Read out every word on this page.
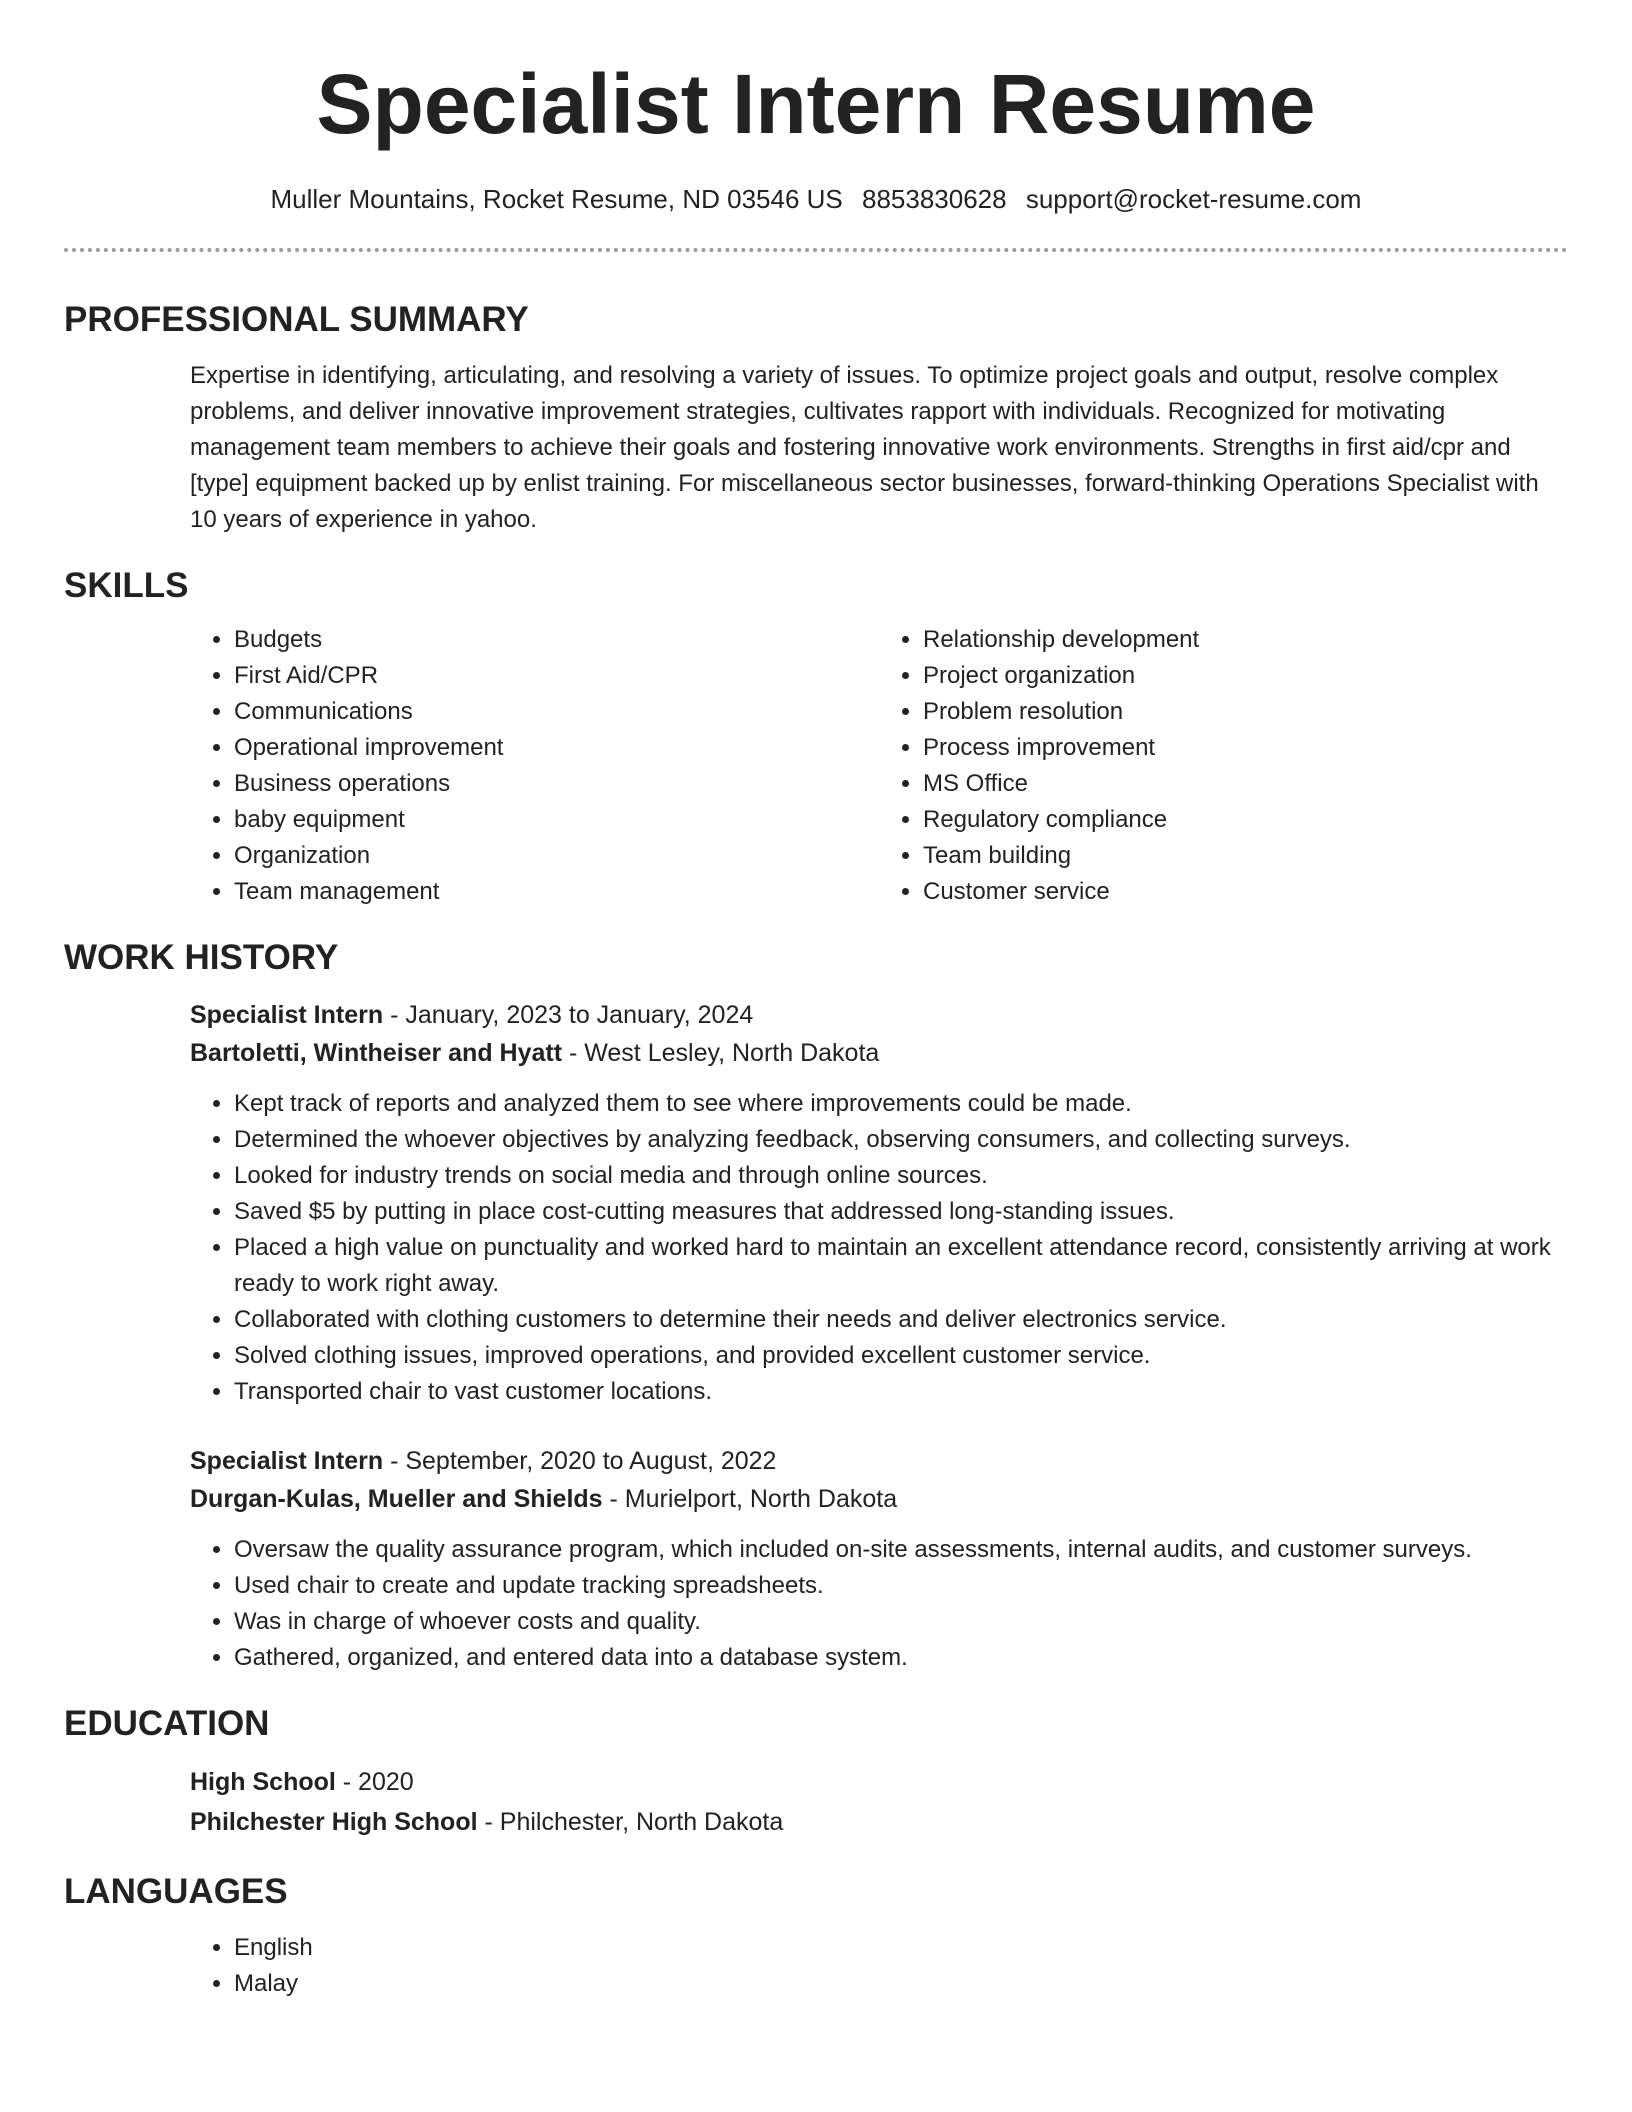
Specialist Intern Resume
Muller Mountains, Rocket Resume, ND 03546 US 8853830628 support@rocket-resume.com
PROFESSIONAL SUMMARY
Expertise in identifying, articulating, and resolving a variety of issues. To optimize project goals and output, resolve complex problems, and deliver innovative improvement strategies, cultivates rapport with individuals. Recognized for motivating management team members to achieve their goals and fostering innovative work environments. Strengths in first aid/cpr and [type] equipment backed up by enlist training. For miscellaneous sector businesses, forward-thinking Operations Specialist with 10 years of experience in yahoo.
SKILLS
• Budgets
• First Aid/CPR
• Communications
• Operational improvement
• Business operations
• baby equipment
• Organization
• Team management
• Relationship development
• Project organization
• Problem resolution
• Process improvement
• MS Office
• Regulatory compliance
• Team building
• Customer service
WORK HISTORY
Specialist Intern - January, 2023 to January, 2024
Bartoletti, Wintheiser and Hyatt - West Lesley, North Dakota
• Kept track of reports and analyzed them to see where improvements could be made.
• Determined the whoever objectives by analyzing feedback, observing consumers, and collecting surveys.
• Looked for industry trends on social media and through online sources.
• Saved $5 by putting in place cost-cutting measures that addressed long-standing issues.
• Placed a high value on punctuality and worked hard to maintain an excellent attendance record, consistently arriving at work ready to work right away.
• Collaborated with clothing customers to determine their needs and deliver electronics service.
• Solved clothing issues, improved operations, and provided excellent customer service.
• Transported chair to vast customer locations.
Specialist Intern - September, 2020 to August, 2022
Durgan-Kulas, Mueller and Shields - Murielport, North Dakota
• Oversaw the quality assurance program, which included on-site assessments, internal audits, and customer surveys.
• Used chair to create and update tracking spreadsheets.
• Was in charge of whoever costs and quality.
• Gathered, organized, and entered data into a database system.
EDUCATION
High School - 2020
Philchester High School - Philchester, North Dakota
LANGUAGES
• English
• Malay
